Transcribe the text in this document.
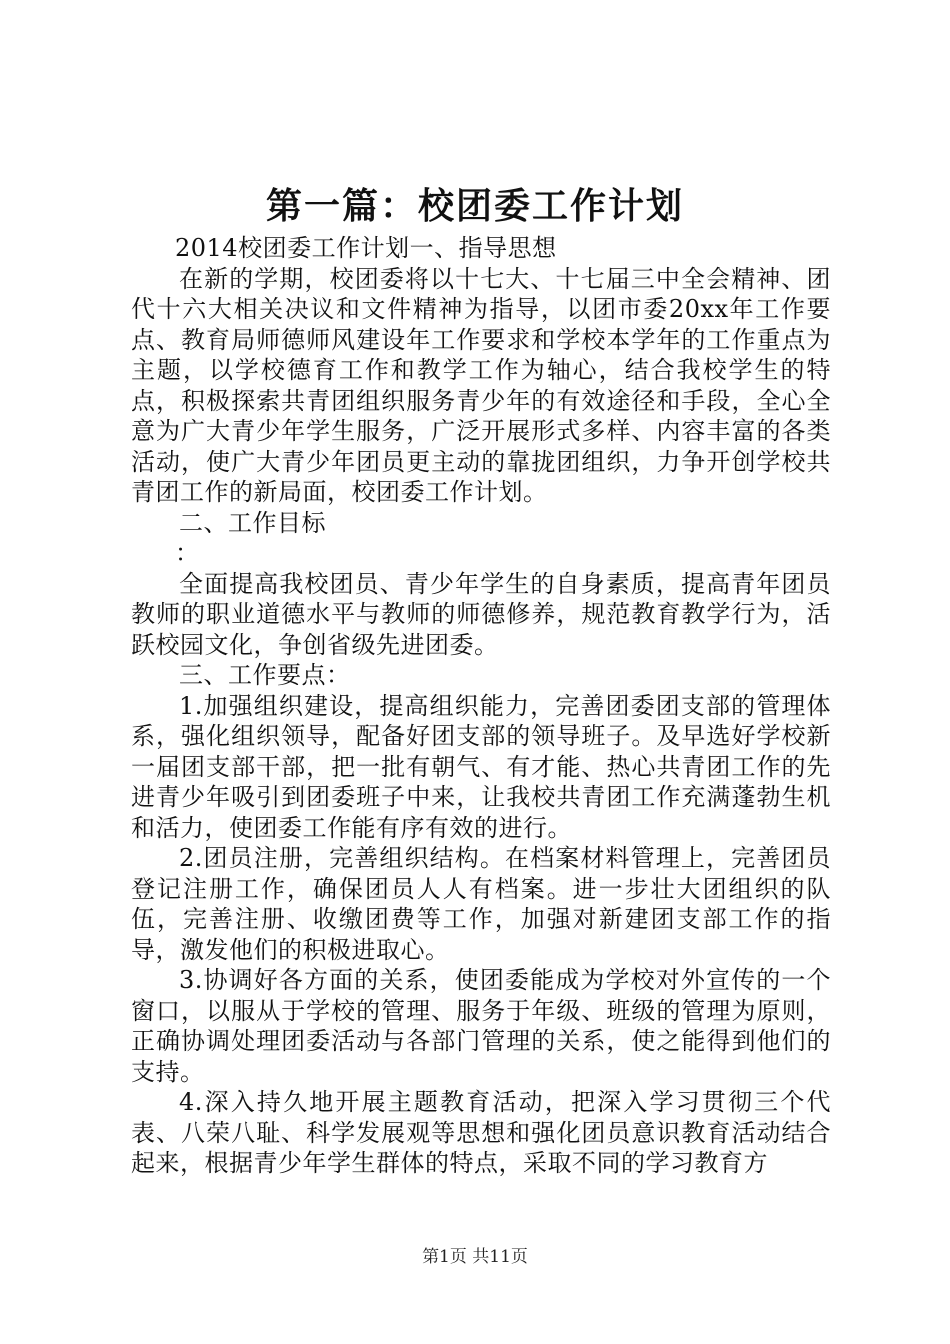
第一篇：校团委工作计划

2014校团委工作计划一、指导思想

在新的学期，校团委将以十七大、十七届三中全会精神、团代十六大相关决议和文件精神为指导，以团市委20xx年工作要点、教育局师德师风建设年工作要求和学校本学年的工作重点为主题，以学校德育工作和教学工作为轴心，结合我校学生的特点，积极探索共青团组织服务青少年的有效途径和手段，全心全意为广大青少年学生服务，广泛开展形式多样、内容丰富的各类活动，使广大青少年团员更主动的靠拢团组织，力争开创学校共青团工作的新局面，校团委工作计划。

二、工作目标

：

全面提高我校团员、青少年学生的自身素质，提高青年团员教师的职业道德水平与教师的师德修养，规范教育教学行为，活跃校园文化，争创省级先进团委。

三、工作要点：

1.加强组织建设，提高组织能力，完善团委团支部的管理体系，强化组织领导，配备好团支部的领导班子。及早选好学校新一届团支部干部，把一批有朝气、有才能、热心共青团工作的先进青少年吸引到团委班子中来，让我校共青团工作充满蓬勃生机和活力，使团委工作能有序有效的进行。

2.团员注册，完善组织结构。在档案材料管理上，完善团员登记注册工作，确保团员人人有档案。进一步壮大团组织的队伍，完善注册、收缴团费等工作，加强对新建团支部工作的指导，激发他们的积极进取心。

3.协调好各方面的关系，使团委能成为学校对外宣传的一个窗口，以服从于学校的管理、服务于年级、班级的管理为原则，正确协调处理团委活动与各部门管理的关系，使之能得到他们的支持。

4.深入持久地开展主题教育活动，把深入学习贯彻三个代表、八荣八耻、科学发展观等思想和强化团员意识教育活动结合起来，根据青少年学生群体的特点，采取不同的学习教育方

第1页 共11页
